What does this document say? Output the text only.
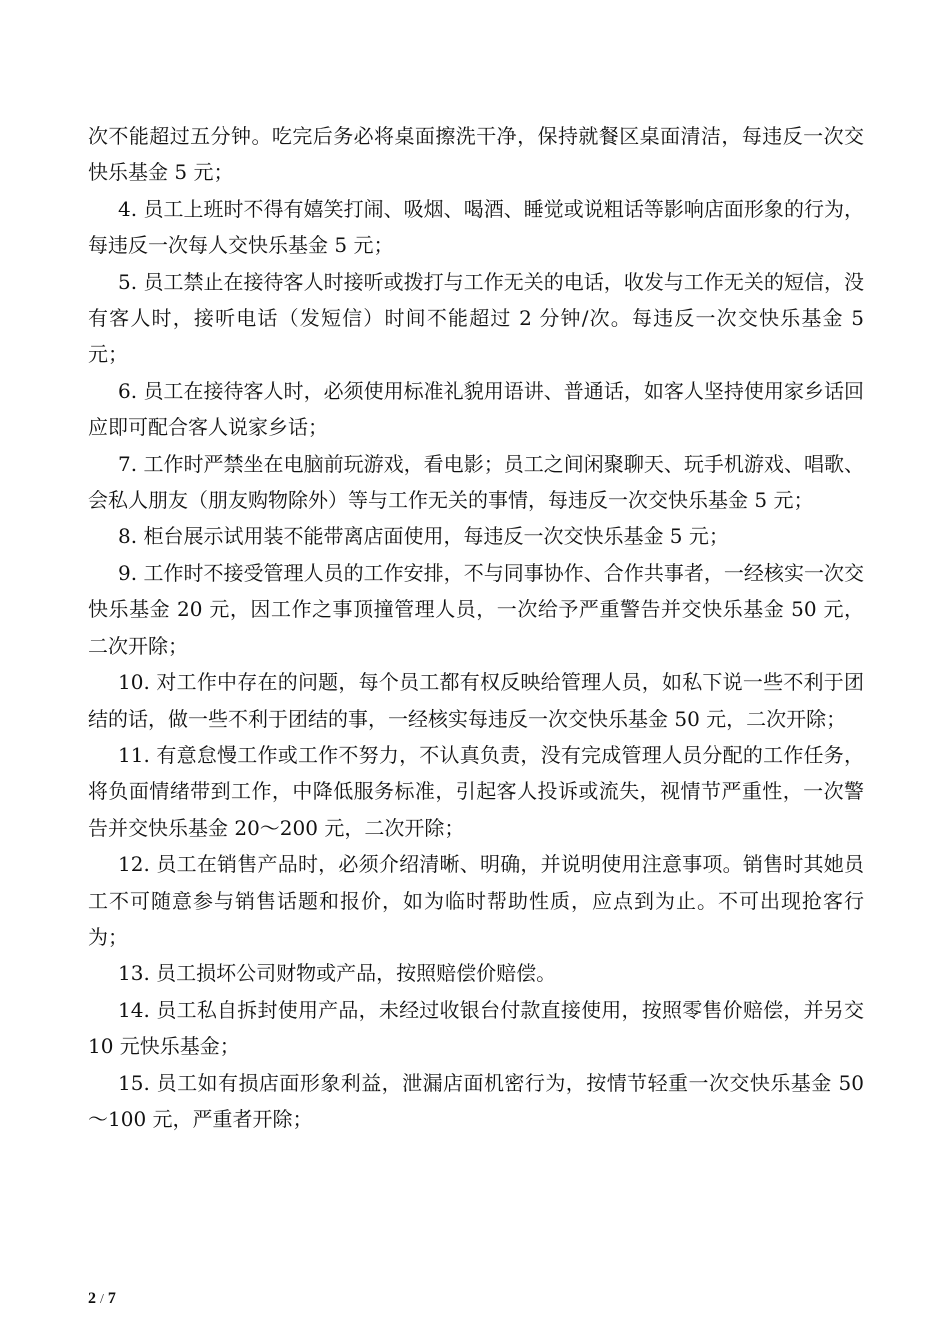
次不能超过五分钟。吃完后务必将桌面擦洗干净，保持就餐区桌面清洁，每违反一次交快乐基金 5 元；

4. 员工上班时不得有嬉笑打闹、吸烟、喝酒、睡觉或说粗话等影响店面形象的行为，每违反一次每人交快乐基金 5 元；

5. 员工禁止在接待客人时接听或拨打与工作无关的电话，收发与工作无关的短信，没有客人时，接听电话（发短信）时间不能超过 2 分钟/次。每违反一次交快乐基金 5 元；

6. 员工在接待客人时，必须使用标准礼貌用语讲、普通话，如客人坚持使用家乡话回应即可配合客人说家乡话；

7. 工作时严禁坐在电脑前玩游戏，看电影；员工之间闲聚聊天、玩手机游戏、唱歌、会私人朋友（朋友购物除外）等与工作无关的事情，每违反一次交快乐基金 5 元；

8. 柜台展示试用装不能带离店面使用，每违反一次交快乐基金 5 元；

9. 工作时不接受管理人员的工作安排，不与同事协作、合作共事者，一经核实一次交快乐基金 20 元，因工作之事顶撞管理人员，一次给予严重警告并交快乐基金 50 元，二次开除；

10. 对工作中存在的问题，每个员工都有权反映给管理人员，如私下说一些不利于团结的话，做一些不利于团结的事，一经核实每违反一次交快乐基金 50 元，二次开除；

11. 有意怠慢工作或工作不努力，不认真负责，没有完成管理人员分配的工作任务，将负面情绪带到工作，中降低服务标准，引起客人投诉或流失，视情节严重性，一次警告并交快乐基金 20～200 元，二次开除；

12. 员工在销售产品时，必须介绍清晰、明确，并说明使用注意事项。销售时其她员工不可随意参与销售话题和报价，如为临时帮助性质，应点到为止。不可出现抢客行为；

13. 员工损坏公司财物或产品，按照赔偿价赔偿。

14. 员工私自拆封使用产品，未经过收银台付款直接使用，按照零售价赔偿，并另交 10 元快乐基金；

15. 员工如有损店面形象利益，泄漏店面机密行为，按情节轻重一次交快乐基金 50～100 元，严重者开除；

2 / 7
